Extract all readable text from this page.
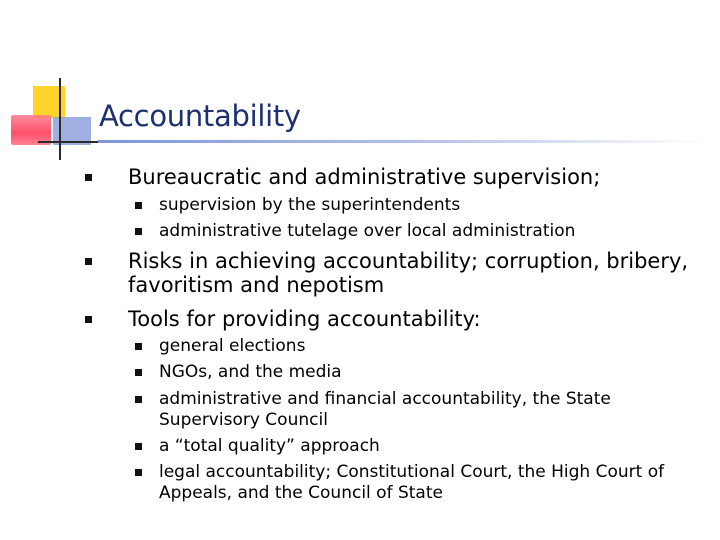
Accountability
Bureaucratic and administrative supervision;
supervision by the superintendents
administrative tutelage over local administration
Risks in achieving accountability; corruption, bribery, favoritism and nepotism
Tools for providing accountability:
general elections
NGOs, and the media
administrative and financial accountability, the State Supervisory Council
a “total quality” approach
legal accountability; Constitutional Court, the High Court of Appeals, and the Council of State
